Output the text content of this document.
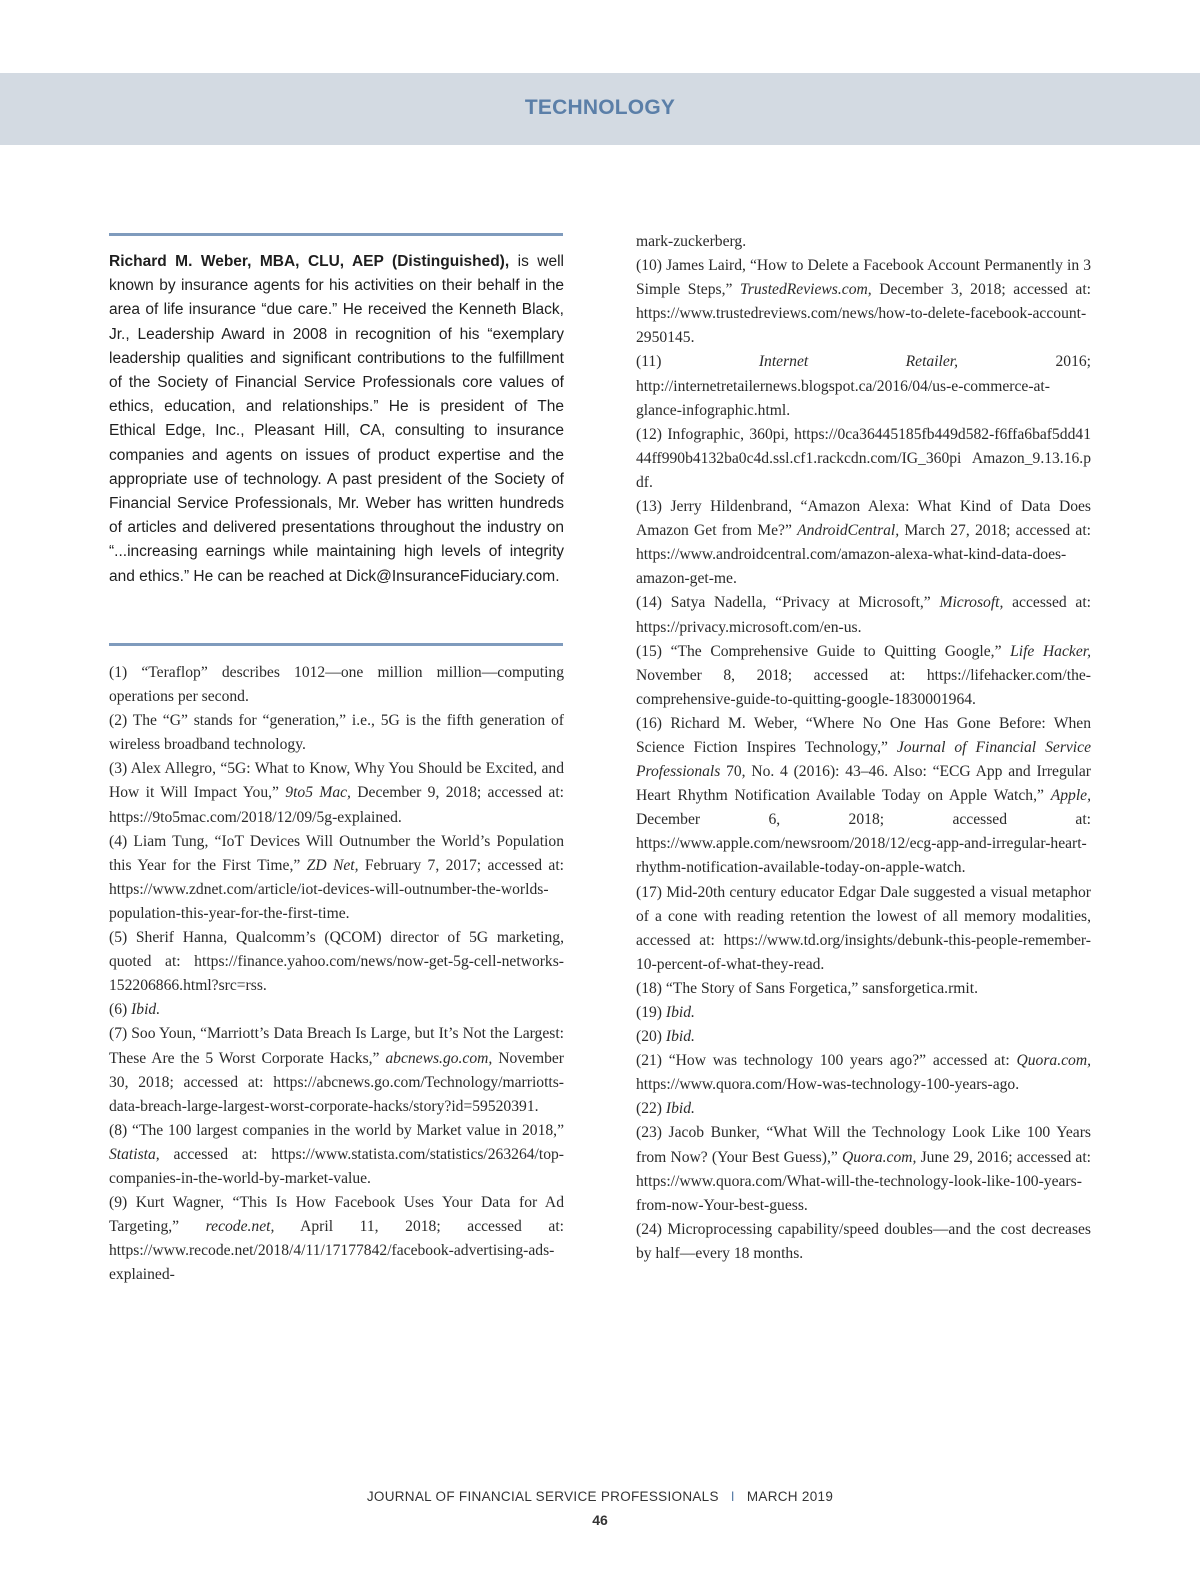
TECHNOLOGY

Richard M. Weber, MBA, CLU, AEP (Distinguished), is well known by insurance agents for his activities on their behalf in the area of life insurance “due care.” He received the Kenneth Black, Jr., Leadership Award in 2008 in recognition of his “exemplary leadership qualities and significant contributions to the fulfillment of the Society of Financial Service Professionals core values of ethics, education, and relationships.” He is president of The Ethical Edge, Inc., Pleasant Hill, CA, consulting to insurance companies and agents on issues of product expertise and the appropriate use of technology. A past president of the Society of Financial Service Professionals, Mr. Weber has written hundreds of articles and delivered presentations throughout the industry on “...increasing earnings while maintaining high levels of integrity and ethics.” He can be reached at Dick@InsuranceFiduciary.com.

(1) “Teraflop” describes 1012—one million million—computing operations per second.

(2) The “G” stands for “generation,” i.e., 5G is the fifth generation of wireless broadband technology.

(3) Alex Allegro, “5G: What to Know, Why You Should be Excited, and How it Will Impact You,” 9to5 Mac, December 9, 2018; accessed at: https://9to5mac.com/2018/12/09/5g-explained.

(4) Liam Tung, “IoT Devices Will Outnumber the World’s Population this Year for the First Time,” ZD Net, February 7, 2017; accessed at: https://www.zdnet.com/article/iot-devices-will-outnumber-the-worlds-population-this-year-for-the-first-time.

(5) Sherif Hanna, Qualcomm’s (QCOM) director of 5G marketing, quoted at: https://finance.yahoo.com/news/now-get-5g-cell-networks-152206866.html?src=rss.

(6) Ibid.

(7) Soo Youn, “Marriott’s Data Breach Is Large, but It’s Not the Largest: These Are the 5 Worst Corporate Hacks,” abcnews.go.com, November 30, 2018; accessed at: https://abcnews.go.com/Technology/marriotts-data-breach-large-largest-worst-corporate-hacks/story?id=59520391.

(8) “The 100 largest companies in the world by Market value in 2018,” Statista, accessed at: https://www.statista.com/statistics/263264/top-companies-in-the-world-by-market-value.

(9) Kurt Wagner, “This Is How Facebook Uses Your Data for Ad Targeting,” recode.net, April 11, 2018; accessed at: https://www.recode.net/2018/4/11/17177842/facebook-advertising-ads-explained-

mark-zuckerberg.

(10) James Laird, “How to Delete a Facebook Account Permanently in 3 Simple Steps,” TrustedReviews.com, December 3, 2018; accessed at: https://www.trustedreviews.com/news/how-to-delete-facebook-account-2950145.

(11) Internet Retailer, 2016; http://internetretailernews.blogspot.ca/2016/04/us-e-commerce-at-glance-infographic.html.

(12) Infographic, 360pi, https://0ca36445185fb449d582-f6ffa6baf5dd4144ff990b4132ba0c4d.ssl.cf1.rackcdn.com/IG_360pi Amazon_9.13.16.pdf.

(13) Jerry Hildenbrand, “Amazon Alexa: What Kind of Data Does Amazon Get from Me?” AndroidCentral, March 27, 2018; accessed at: https://www.androidcentral.com/amazon-alexa-what-kind-data-does-amazon-get-me.

(14) Satya Nadella, “Privacy at Microsoft,” Microsoft, accessed at: https://privacy.microsoft.com/en-us.

(15) “The Comprehensive Guide to Quitting Google,” Life Hacker, November 8, 2018; accessed at: https://lifehacker.com/the-comprehensive-guide-to-quitting-google-1830001964.

(16) Richard M. Weber, “Where No One Has Gone Before: When Science Fiction Inspires Technology,” Journal of Financial Service Professionals 70, No. 4 (2016): 43–46. Also: “ECG App and Irregular Heart Rhythm Notification Available Today on Apple Watch,” Apple, December 6, 2018; accessed at: https://www.apple.com/newsroom/2018/12/ecg-app-and-irregular-heart-rhythm-notification-available-today-on-apple-watch.

(17) Mid-20th century educator Edgar Dale suggested a visual metaphor of a cone with reading retention the lowest of all memory modalities, accessed at: https://www.td.org/insights/debunk-this-people-remember-10-percent-of-what-they-read.

(18) “The Story of Sans Forgetica,” sansforgetica.rmit.

(19) Ibid.

(20) Ibid.

(21) “How was technology 100 years ago?” accessed at: Quora.com, https://www.quora.com/How-was-technology-100-years-ago.

(22) Ibid.

(23) Jacob Bunker, “What Will the Technology Look Like 100 Years from Now? (Your Best Guess),” Quora.com, June 29, 2016; accessed at: https://www.quora.com/What-will-the-technology-look-like-100-years-from-now-Your-best-guess.

(24) Microprocessing capability/speed doubles—and the cost decreases by half—every 18 months.

JOURNAL OF FINANCIAL SERVICE PROFESSIONALS I MARCH 2019
46
